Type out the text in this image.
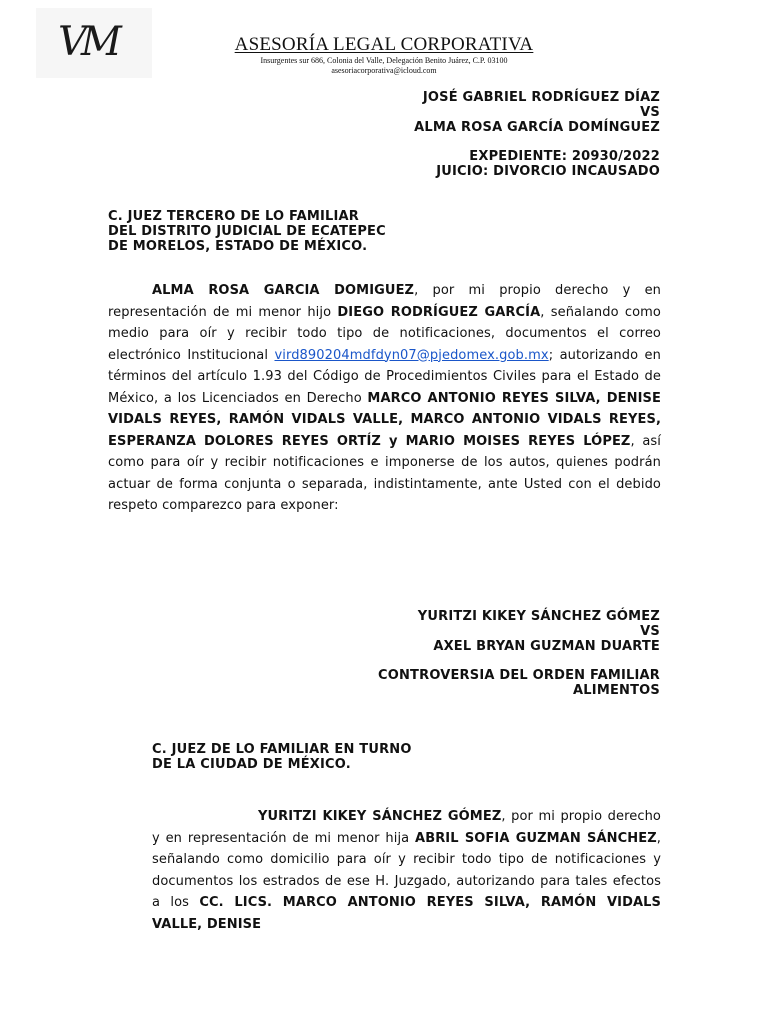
VM	ASESORÍA LEGAL CORPORATIVA
Insurgentes sur 686, Colonia del Valle, Delegación Benito Juárez, C.P. 03100
asesoriacorporativa@icloud.com
JOSÉ GABRIEL RODRÍGUEZ DÍAZ
VS
ALMA ROSA GARCÍA DOMÍNGUEZ
EXPEDIENTE: 20930/2022
JUICIO: DIVORCIO INCAUSADO
C. JUEZ TERCERO DE LO FAMILIAR
DEL DISTRITO JUDICIAL DE ECATEPEC
DE MORELOS, ESTADO DE MÉXICO.
ALMA ROSA GARCIA DOMIGUEZ, por mi propio derecho y en representación de mi menor hijo DIEGO RODRÍGUEZ GARCÍA, señalando como medio para oír y recibir todo tipo de notificaciones, documentos el correo electrónico Institucional vird890204mdfdyn07@pjedomex.gob.mx; autorizando en términos del artículo 1.93 del Código de Procedimientos Civiles para el Estado de México, a los Licenciados en Derecho MARCO ANTONIO REYES SILVA, DENISE VIDALS REYES, RAMÓN VIDALS VALLE, MARCO ANTONIO VIDALS REYES, ESPERANZA DOLORES REYES ORTÍZ y MARIO MOISES REYES LÓPEZ, así como para oír y recibir notificaciones e imponerse de los autos, quienes podrán actuar de forma conjunta o separada, indistintamente, ante Usted con el debido respeto comparezco para exponer:
YURITZI KIKEY SÁNCHEZ GÓMEZ
VS
AXEL BRYAN GUZMAN DUARTE
CONTROVERSIA DEL ORDEN FAMILIAR
ALIMENTOS
C. JUEZ DE LO FAMILIAR EN TURNO
DE LA CIUDAD DE MÉXICO.
YURITZI KIKEY SÁNCHEZ GÓMEZ, por mi propio derecho y en representación de mi menor hija ABRIL SOFIA GUZMAN SÁNCHEZ, señalando como domicilio para oír y recibir todo tipo de notificaciones y documentos los estrados de ese H. Juzgado, autorizando para tales efectos a los CC. LICS. MARCO ANTONIO REYES SILVA, RAMÓN VIDALS VALLE, DENISE
